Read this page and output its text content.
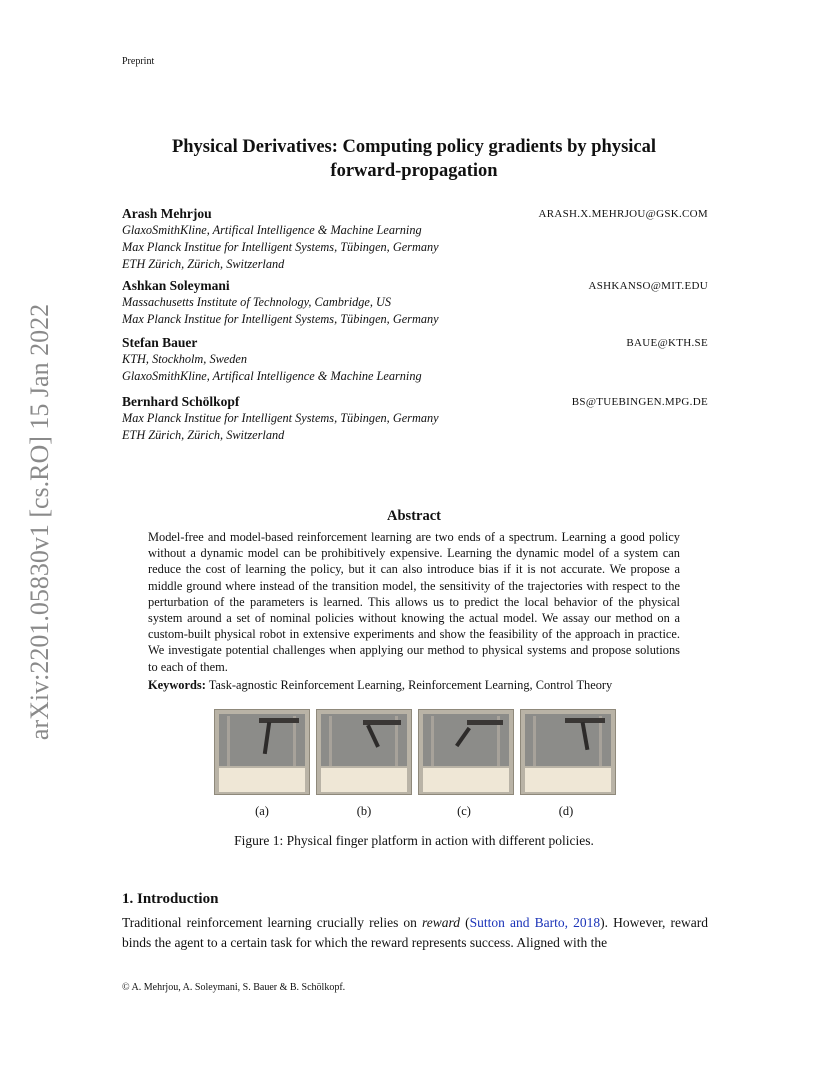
arXiv:2201.05830v1 [cs.RO] 15 Jan 2022
Preprint
Physical Derivatives: Computing policy gradients by physical
forward-propagation
Arash Mehrjou	ARASH.X.MEHRJOU@GSK.COM
GlaxoSmithKline, Artifical Intelligence & Machine Learning
Max Planck Institue for Intelligent Systems, Tübingen, Germany
ETH Zürich, Zürich, Switzerland
Ashkan Soleymani	ASHKANSO@MIT.EDU
Massachusetts Institute of Technology, Cambridge, US
Max Planck Institue for Intelligent Systems, Tübingen, Germany
Stefan Bauer	BAUE@KTH.SE
KTH, Stockholm, Sweden
GlaxoSmithKline, Artifical Intelligence & Machine Learning
Bernhard Schölkopf	BS@TUEBINGEN.MPG.DE
Max Planck Institue for Intelligent Systems, Tübingen, Germany
ETH Zürich, Zürich, Switzerland
Abstract
Model-free and model-based reinforcement learning are two ends of a spectrum. Learning a good policy without a dynamic model can be prohibitively expensive. Learning the dynamic model of a system can reduce the cost of learning the policy, but it can also introduce bias if it is not accurate. We propose a middle ground where instead of the transition model, the sensitivity of the trajectories with respect to the perturbation of the parameters is learned. This allows us to predict the local behavior of the physical system around a set of nominal policies without knowing the actual model. We assay our method on a custom-built physical robot in extensive experiments and show the feasibility of the approach in practice. We investigate potential challenges when applying our method to physical systems and propose solutions to each of them.
Keywords: Task-agnostic Reinforcement Learning, Reinforcement Learning, Control Theory
(a)	(b)	(c)	(d)
Figure 1: Physical finger platform in action with different policies.
1. Introduction
Traditional reinforcement learning crucially relies on reward (Sutton and Barto, 2018). However, reward binds the agent to a certain task for which the reward represents success. Aligned with the
© A. Mehrjou, A. Soleymani, S. Bauer & B. Schölkopf.
